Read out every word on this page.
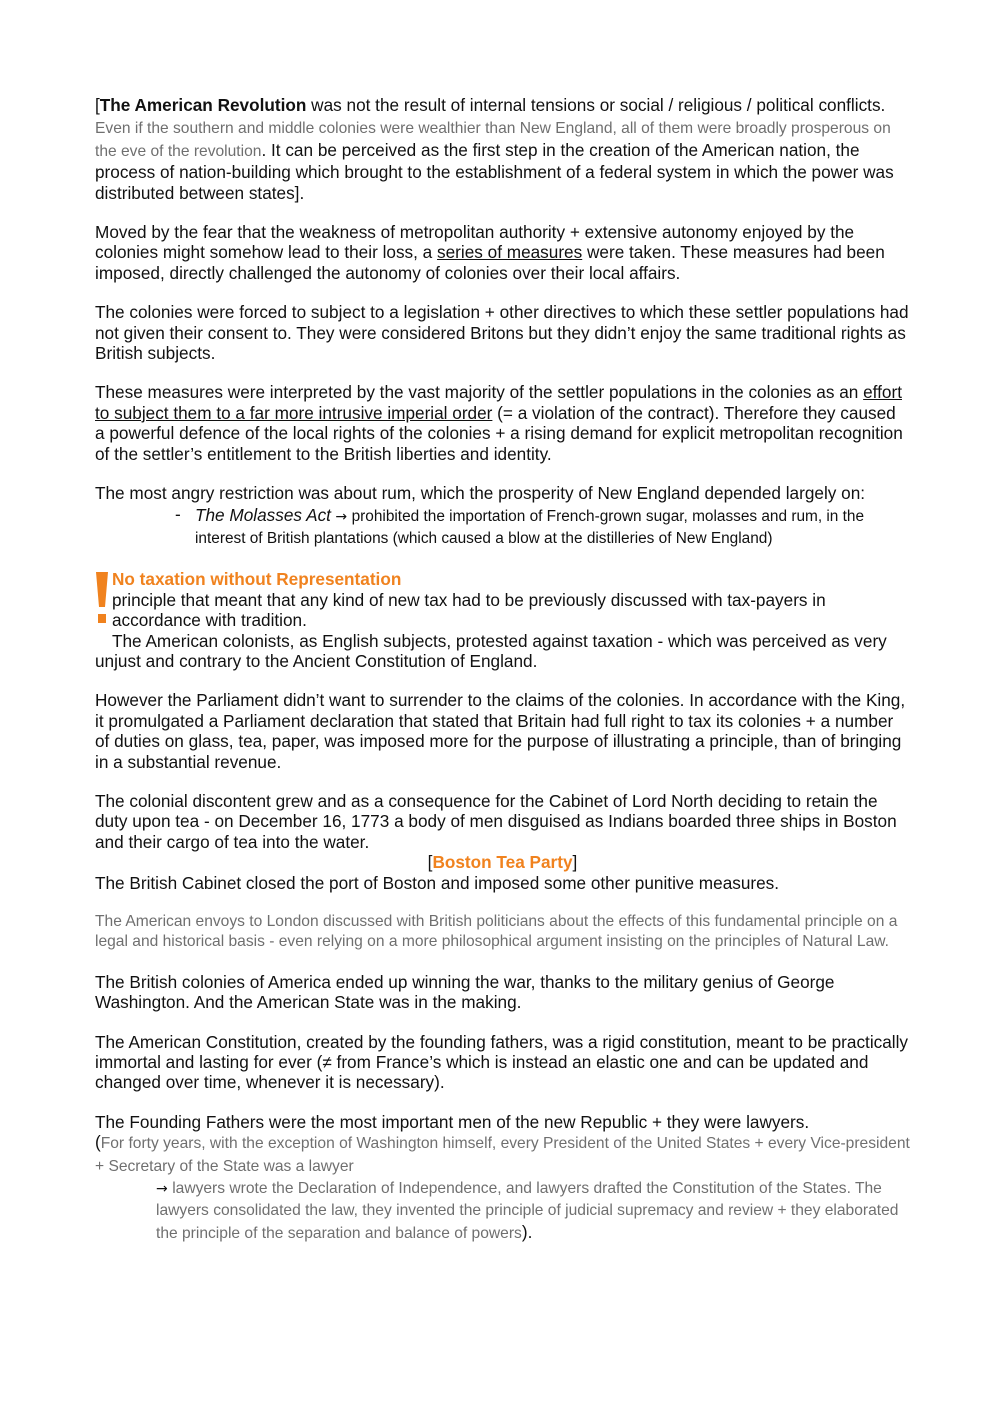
[The American Revolution was not the result of internal tensions or social / religious / political conflicts. Even if the southern and middle colonies were wealthier than New England, all of them were broadly prosperous on the eve of the revolution. It can be perceived as the first step in the creation of the American nation, the process of nation-building which brought to the establishment of a federal system in which the power was distributed between states].

Moved by the fear that the weakness of metropolitan authority + extensive autonomy enjoyed by the colonies might somehow lead to their loss, a series of measures were taken. These measures had been imposed, directly challenged the autonomy of colonies over their local affairs.

The colonies were forced to subject to a legislation + other directives to which these settler populations had not given their consent to. They were considered Britons but they didn’t enjoy the same traditional rights as British subjects.

These measures were interpreted by the vast majority of the settler populations in the colonies as an effort to subject them to a far more intrusive imperial order (= a violation of the contract). Therefore they caused a powerful defence of the local rights of the colonies + a rising demand for explicit metropolitan recognition of the settler’s entitlement to the British liberties and identity.

The most angry restriction was about rum, which the prosperity of New England depended largely on:

- The Molasses Act → prohibited the importation of French-grown sugar, molasses and rum, in the interest of British plantations (which caused a blow at the distilleries of New England)

No taxation without Representation

principle that meant that any kind of new tax had to be previously discussed with tax-payers in accordance with tradition.

The American colonists, as English subjects, protested against taxation - which was perceived as very unjust and contrary to the Ancient Constitution of England.

However the Parliament didn’t want to surrender to the claims of the colonies. In accordance with the King, it promulgated a Parliament declaration that stated that Britain had full right to tax its colonies + a number of duties on glass, tea, paper, was imposed more for the purpose of illustrating a principle, than of bringing in a substantial revenue.

The colonial discontent grew and as a consequence for the Cabinet of Lord North deciding to retain the duty upon tea - on December 16, 1773 a body of men disguised as Indians boarded three ships in Boston and their cargo of tea into the water.

[Boston Tea Party]

The British Cabinet closed the port of Boston and imposed some other punitive measures.

The American envoys to London discussed with British politicians about the effects of this fundamental principle on a legal and historical basis - even relying on a more philosophical argument insisting on the principles of Natural Law.

The British colonies of America ended up winning the war, thanks to the military genius of George Washington. And the American State was in the making.

The American Constitution, created by the founding fathers, was a rigid constitution, meant to be practically immortal and lasting for ever (≠ from France’s which is instead an elastic one and can be updated and changed over time, whenever it is necessary).

The Founding Fathers were the most important men of the new Republic + they were lawyers.

(For forty years, with the exception of Washington himself, every President of the United States + every Vice-president + Secretary of the State was a lawyer

→ lawyers wrote the Declaration of Independence, and lawyers drafted the Constitution of the States. The lawyers consolidated the law, they invented the principle of judicial supremacy and review + they elaborated the principle of the separation and balance of powers).
